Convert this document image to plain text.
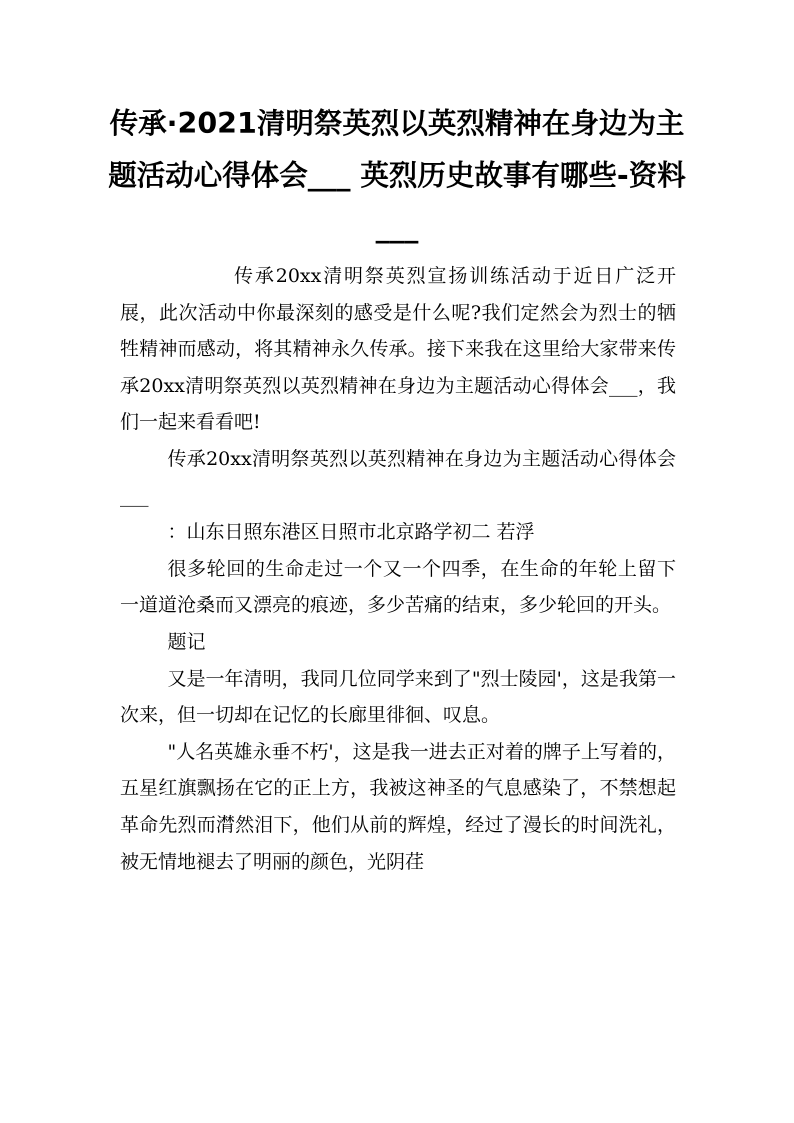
传承·2021清明祭英烈以英烈精神在身边为主题活动心得体会___ 英烈历史故事有哪些-资料___

传承20xx清明祭英烈宣扬训练活动于近日广泛开展，此次活动中你最深刻的感受是什么呢?我们定然会为烈士的牺牲精神而感动，将其精神永久传承。接下来我在这里给大家带来传承20xx清明祭英烈以英烈精神在身边为主题活动心得体会___，我们一起来看看吧!

传承20xx清明祭英烈以英烈精神在身边为主题活动心得体会___

：山东日照东港区日照市北京路学初二 若浮

很多轮回的生命走过一个又一个四季，在生命的年轮上留下一道道沧桑而又漂亮的痕迹，多少苦痛的结束，多少轮回的开头。

题记

又是一年清明，我同几位同学来到了"烈士陵园'，这是我第一次来，但一切却在记忆的长廊里徘徊、叹息。

"人名英雄永垂不朽'，这是我一进去正对着的牌子上写着的，五星红旗飘扬在它的正上方，我被这神圣的气息感染了，不禁想起革命先烈而潸然泪下，他们从前的辉煌，经过了漫长的时间洗礼，被无情地褪去了明丽的颜色，光阴荏
